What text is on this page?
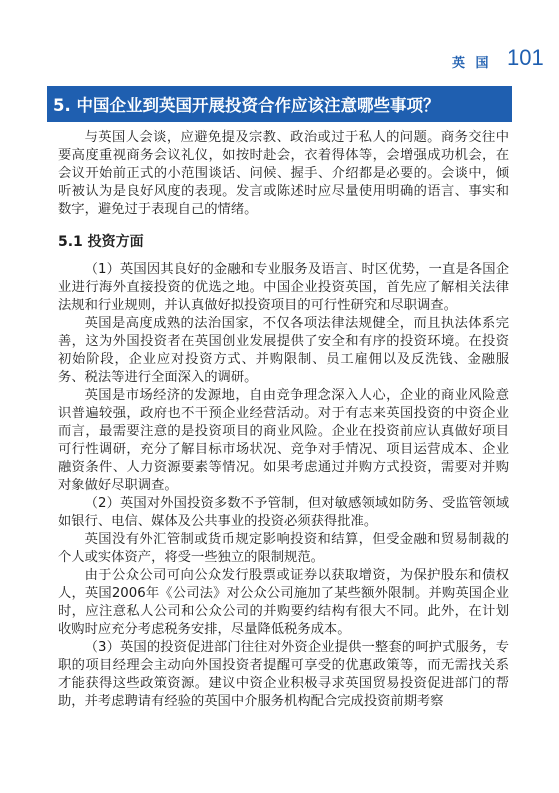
英 国 101
5. 中国企业到英国开展投资合作应该注意哪些事项？

与英国人会谈，应避免提及宗教、政治或过于私人的问题。商务交往中要高度重视商务会议礼仪，如按时赴会，衣着得体等，会增强成功机会，在会议开始前正式的小范围谈话、问候、握手、介绍都是必要的。会谈中，倾听被认为是良好风度的表现。发言或陈述时应尽量使用明确的语言、事实和数字，避免过于表现自己的情绪。

5.1 投资方面

（1）英国因其良好的金融和专业服务及语言、时区优势，一直是各国企业进行海外直接投资的优选之地。中国企业投资英国，首先应了解相关法律法规和行业规则，并认真做好拟投资项目的可行性研究和尽职调查。

英国是高度成熟的法治国家，不仅各项法律法规健全，而且执法体系完善，这为外国投资者在英国创业发展提供了安全和有序的投资环境。在投资初始阶段，企业应对投资方式、并购限制、员工雇佣以及反洗钱、金融服务、税法等进行全面深入的调研。

英国是市场经济的发源地，自由竞争理念深入人心，企业的商业风险意识普遍较强，政府也不干预企业经营活动。对于有志来英国投资的中资企业而言，最需要注意的是投资项目的商业风险。企业在投资前应认真做好项目可行性调研，充分了解目标市场状况、竞争对手情况、项目运营成本、企业融资条件、人力资源要素等情况。如果考虑通过并购方式投资，需要对并购对象做好尽职调查。

（2）英国对外国投资多数不予管制，但对敏感领域如防务、受监管领域如银行、电信、媒体及公共事业的投资必须获得批准。

英国没有外汇管制或货币规定影响投资和结算，但受金融和贸易制裁的个人或实体资产，将受一些独立的限制规范。

由于公众公司可向公众发行股票或证券以获取增资，为保护股东和债权人，英国2006年《公司法》对公众公司施加了某些额外限制。并购英国企业时，应注意私人公司和公众公司的并购要约结构有很大不同。此外，在计划收购时应充分考虑税务安排，尽量降低税务成本。

（3）英国的投资促进部门往往对外资企业提供一整套的呵护式服务，专职的项目经理会主动向外国投资者提醒可享受的优惠政策等，而无需找关系才能获得这些政策资源。建议中资企业积极寻求英国贸易投资促进部门的帮助，并考虑聘请有经验的英国中介服务机构配合完成投资前期考察
